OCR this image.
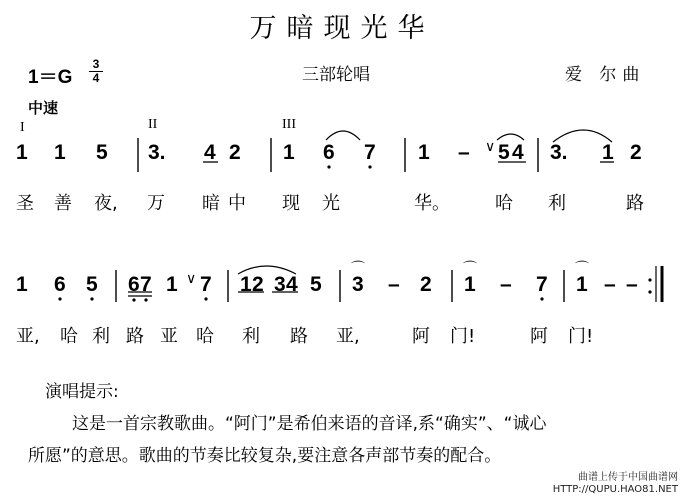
万暗现光华
1＝G
3
4	三部轮唱	爱 尔曲
中速
I	II	III
1 1 5 3. 4 2 1 6 7 1 – ∨ 5 4 3. 1 2
圣 善 夜, 万 暗 中 现 光	华。	哈 利	路
1 6 5 6 7 1 ∨ 7 1 2 3 4 5
⌒
3 – 2
⌒
1 – 7
⌒
1 – –
亚, 哈 利 路 亚 哈 利 路 亚,	阿 门!	阿 门!
演唱提示:
这是一首宗教歌曲。“阿门”是希伯来语的音译,系“确实”、“诚心
所愿”的意思。歌曲的节奏比较复杂,要注意各声部节奏的配合。
曲谱上传于中国曲谱网
HTTP://QUPU.HAO81.NET
